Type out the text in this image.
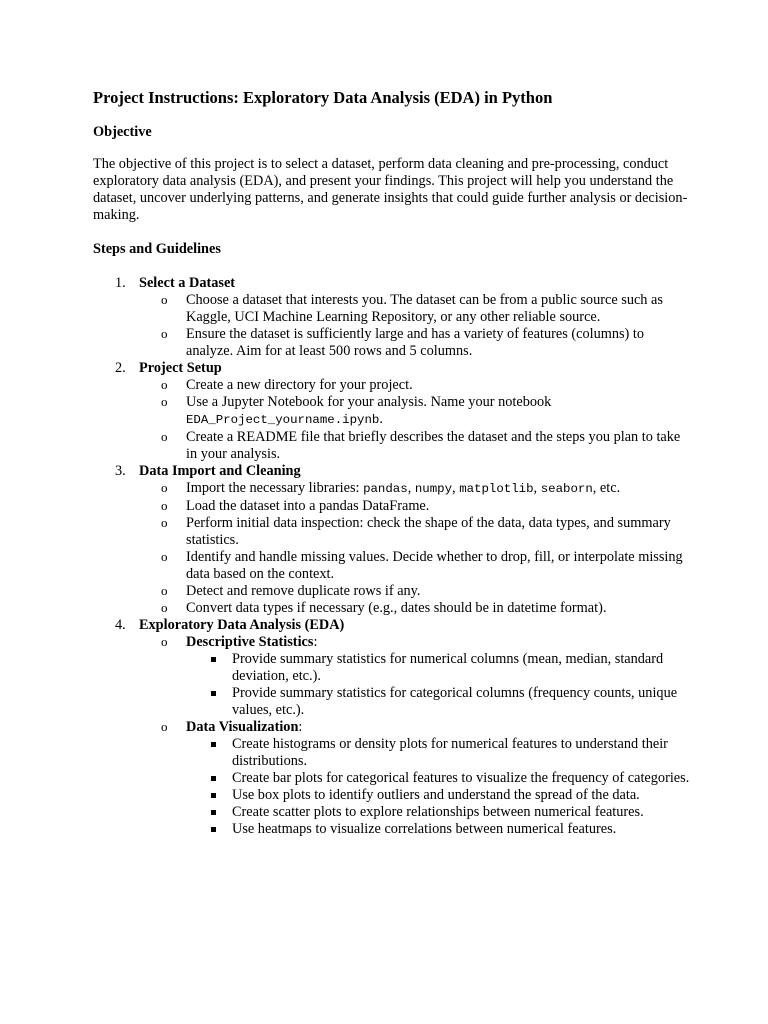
Project Instructions: Exploratory Data Analysis (EDA) in Python

Objective

The objective of this project is to select a dataset, perform data cleaning and pre-processing, conduct exploratory data analysis (EDA), and present your findings. This project will help you understand the dataset, uncover underlying patterns, and generate insights that could guide further analysis or decision-making.

Steps and Guidelines

1. Select a Dataset
o Choose a dataset that interests you. The dataset can be from a public source such as Kaggle, UCI Machine Learning Repository, or any other reliable source.
o Ensure the dataset is sufficiently large and has a variety of features (columns) to analyze. Aim for at least 500 rows and 5 columns.
2. Project Setup
o Create a new directory for your project.
o Use a Jupyter Notebook for your analysis. Name your notebook EDA_Project_yourname.ipynb.
o Create a README file that briefly describes the dataset and the steps you plan to take in your analysis.
3. Data Import and Cleaning
o Import the necessary libraries: pandas, numpy, matplotlib, seaborn, etc.
o Load the dataset into a pandas DataFrame.
o Perform initial data inspection: check the shape of the data, data types, and summary statistics.
o Identify and handle missing values. Decide whether to drop, fill, or interpolate missing data based on the context.
o Detect and remove duplicate rows if any.
o Convert data types if necessary (e.g., dates should be in datetime format).
4. Exploratory Data Analysis (EDA)
o Descriptive Statistics:
Provide summary statistics for numerical columns (mean, median, standard deviation, etc.).
Provide summary statistics for categorical columns (frequency counts, unique values, etc.).
o Data Visualization:
Create histograms or density plots for numerical features to understand their distributions.
Create bar plots for categorical features to visualize the frequency of categories.
Use box plots to identify outliers and understand the spread of the data.
Create scatter plots to explore relationships between numerical features.
Use heatmaps to visualize correlations between numerical features.
